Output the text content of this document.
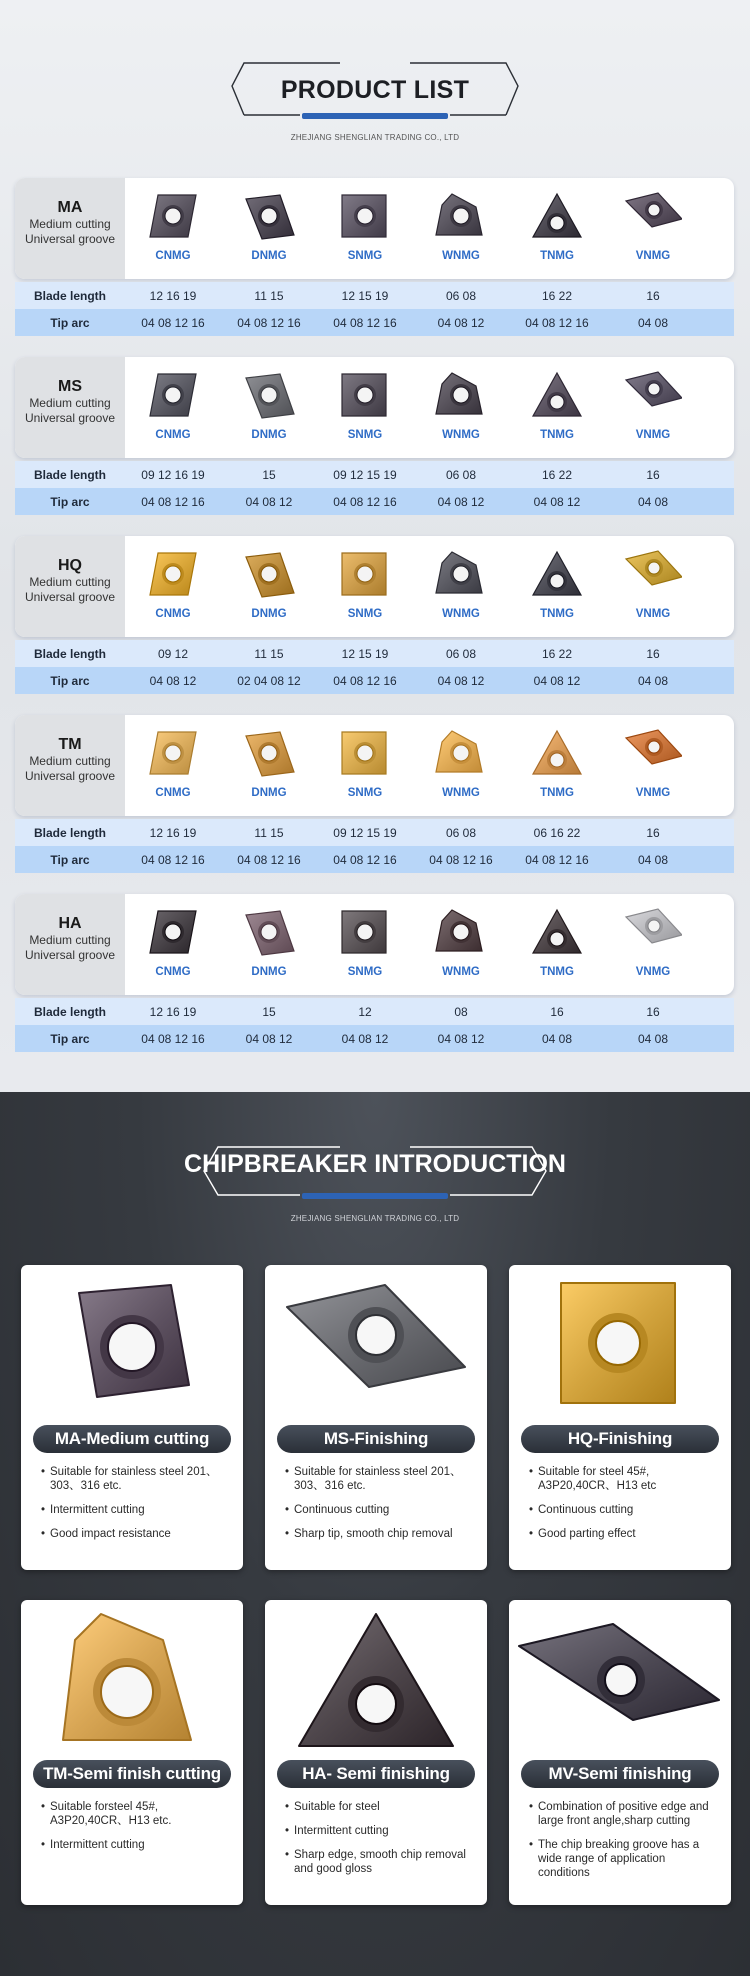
PRODUCT LIST
ZHEJIANG SHENGLIAN TRADING CO., LTD
MA
Medium cutting
Universal groove
CNMG	DNMG	SNMG	WNMG	TNMG	VNMG
Blade length	12 16 19	11 15	12 15 19	06 08	16 22	16
Tip arc	04 08 12 16	04 08 12 16	04 08 12 16	04 08 12	04 08 12 16	04 08
MS
Medium cutting
Universal groove
CNMG	DNMG	SNMG	WNMG	TNMG	VNMG
Blade length	09 12 16 19	15	09 12 15 19	06 08	16 22	16
Tip arc	04 08 12 16	04 08 12	04 08 12 16	04 08 12	04 08 12	04 08
HQ
Medium cutting
Universal groove
CNMG	DNMG	SNMG	WNMG	TNMG	VNMG
Blade length	09 12	11 15	12 15 19	06 08	16 22	16
Tip arc	04 08 12	02 04 08 12	04 08 12 16	04 08 12	04 08 12	04 08
TM
Medium cutting
Universal groove
CNMG	DNMG	SNMG	WNMG	TNMG	VNMG
Blade length	12 16 19	11 15	09 12 15 19	06 08	06 16 22	16
Tip arc	04 08 12 16	04 08 12 16	04 08 12 16	04 08 12 16	04 08 12 16	04 08
HA
Medium cutting
Universal groove
CNMG	DNMG	SNMG	WNMG	TNMG	VNMG
Blade length	12 16 19	15	12	08	16	16
Tip arc	04 08 12 16	04 08 12	04 08 12	04 08 12	04 08	04 08
CHIPBREAKER INTRODUCTION
ZHEJIANG SHENGLIAN TRADING CO., LTD
MA-Medium cutting
• Suitable for stainless steel 201、303、316 etc.
• Intermittent cutting
• Good impact resistance
MS-Finishing
• Suitable for stainless steel 201、303、316 etc.
• Continuous cutting
• Sharp tip, smooth chip removal
HQ-Finishing
• Suitable for steel 45#, A3P20,40CR、H13 etc
• Continuous cutting
• Good parting effect
TM-Semi finish cutting
• Suitable forsteel 45#, A3P20,40CR、H13 etc.
• Intermittent cutting
HA- Semi finishing
• Suitable for steel
• Intermittent cutting
• Sharp edge, smooth chip removal and good gloss
MV-Semi finishing
• Combination of positive edge and large front angle,sharp cutting
• The chip breaking groove has a wide range of application conditions
